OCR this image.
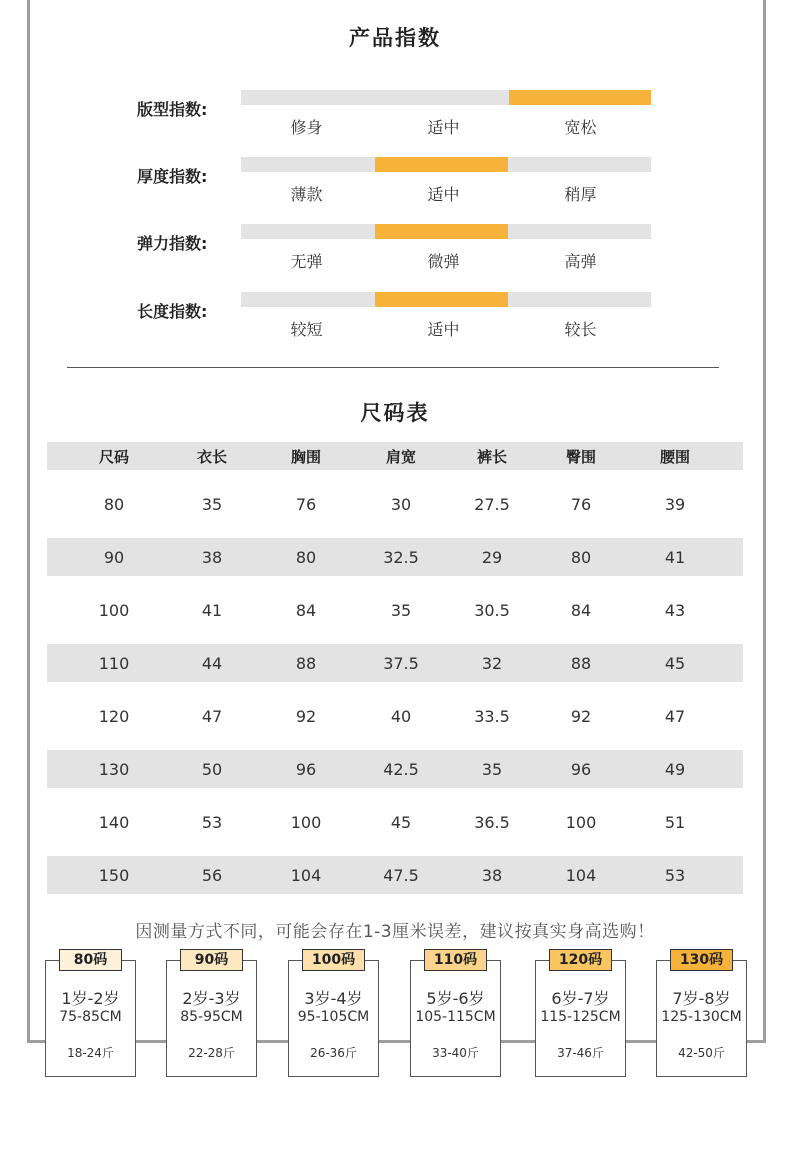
产品指数
版型指数:
修身	适中	宽松
厚度指数:
薄款	适中	稍厚
弹力指数:
无弹	微弹	高弹
长度指数:
较短	适中	较长
尺码表
尺码	衣长	胸围	肩宽	裤长	臀围	腰围
80	35	76	30	27.5	76	39
90	38	80	32.5	29	80	41
100	41	84	35	30.5	84	43
110	44	88	37.5	32	88	45
120	47	92	40	33.5	92	47
130	50	96	42.5	35	96	49
140	53	100	45	36.5	100	51
150	56	104	47.5	38	104	53
因测量方式不同，可能会存在1-3厘米误差，建议按真实身高选购！
80码
1岁-2岁
75-85CM
18-24斤
90码
2岁-3岁
85-95CM
22-28斤
100码
3岁-4岁
95-105CM
26-36斤
110码
5岁-6岁
105-115CM
33-40斤
120码
6岁-7岁
115-125CM
37-46斤
130码
7岁-8岁
125-130CM
42-50斤
